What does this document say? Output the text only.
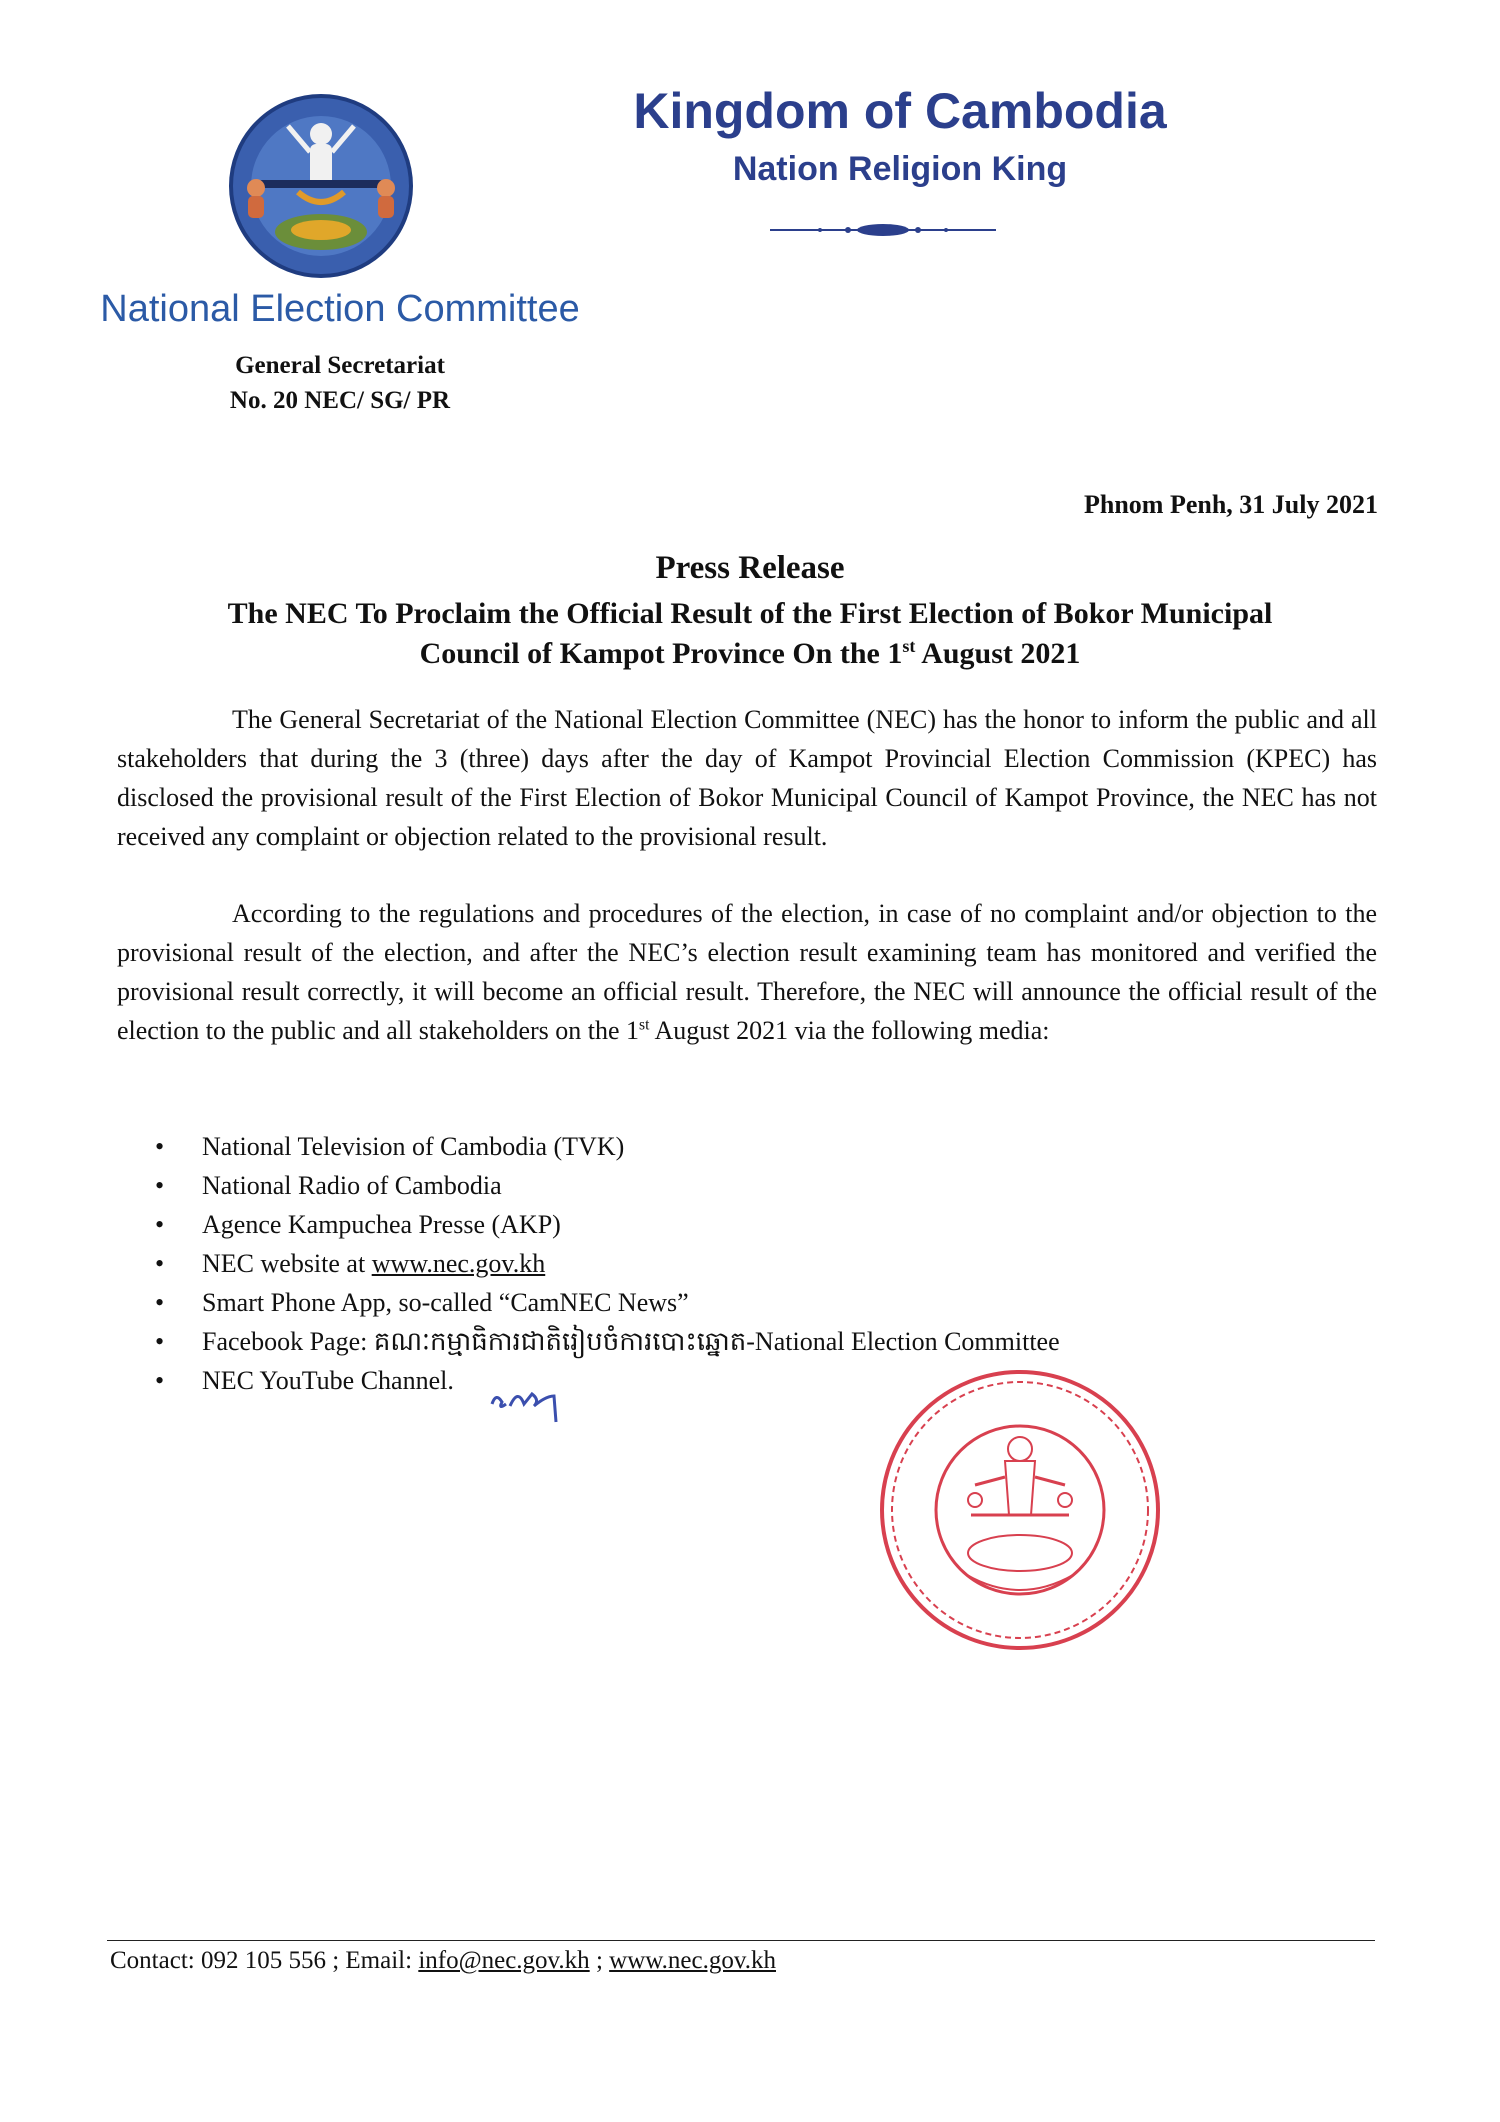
Kingdom of Cambodia
Nation Religion King
National Election Committee
General Secretariat
No. 20 NEC/ SG/ PR
Phnom Penh, 31 July 2021
Press Release
The NEC To Proclaim the Official Result of the First Election of Bokor Municipal
Council of Kampot Province On the 1st August 2021
The General Secretariat of the National Election Committee (NEC) has the honor to inform the public and all stakeholders that during the 3 (three) days after the day of Kampot Provincial Election Commission (KPEC) has disclosed the provisional result of the First Election of Bokor Municipal Council of Kampot Province, the NEC has not received any complaint or objection related to the provisional result.
According to the regulations and procedures of the election, in case of no complaint and/or objection to the provisional result of the election, and after the NEC’s election result examining team has monitored and verified the provisional result correctly, it will become an official result. Therefore, the NEC will announce the official result of the election to the public and all stakeholders on the 1st August 2021 via the following media:
• National Television of Cambodia (TVK)
• National Radio of Cambodia
• Agence Kampuchea Presse (AKP)
• NEC website at www.nec.gov.kh
• Smart Phone App, so-called “CamNEC News”
• Facebook Page: គណៈកម្មាធិការជាតិរៀបចំការបោះឆ្នោត-National Election Committee
• NEC YouTube Channel.
Contact: 092 105 556 ; Email: info@nec.gov.kh ; www.nec.gov.kh
